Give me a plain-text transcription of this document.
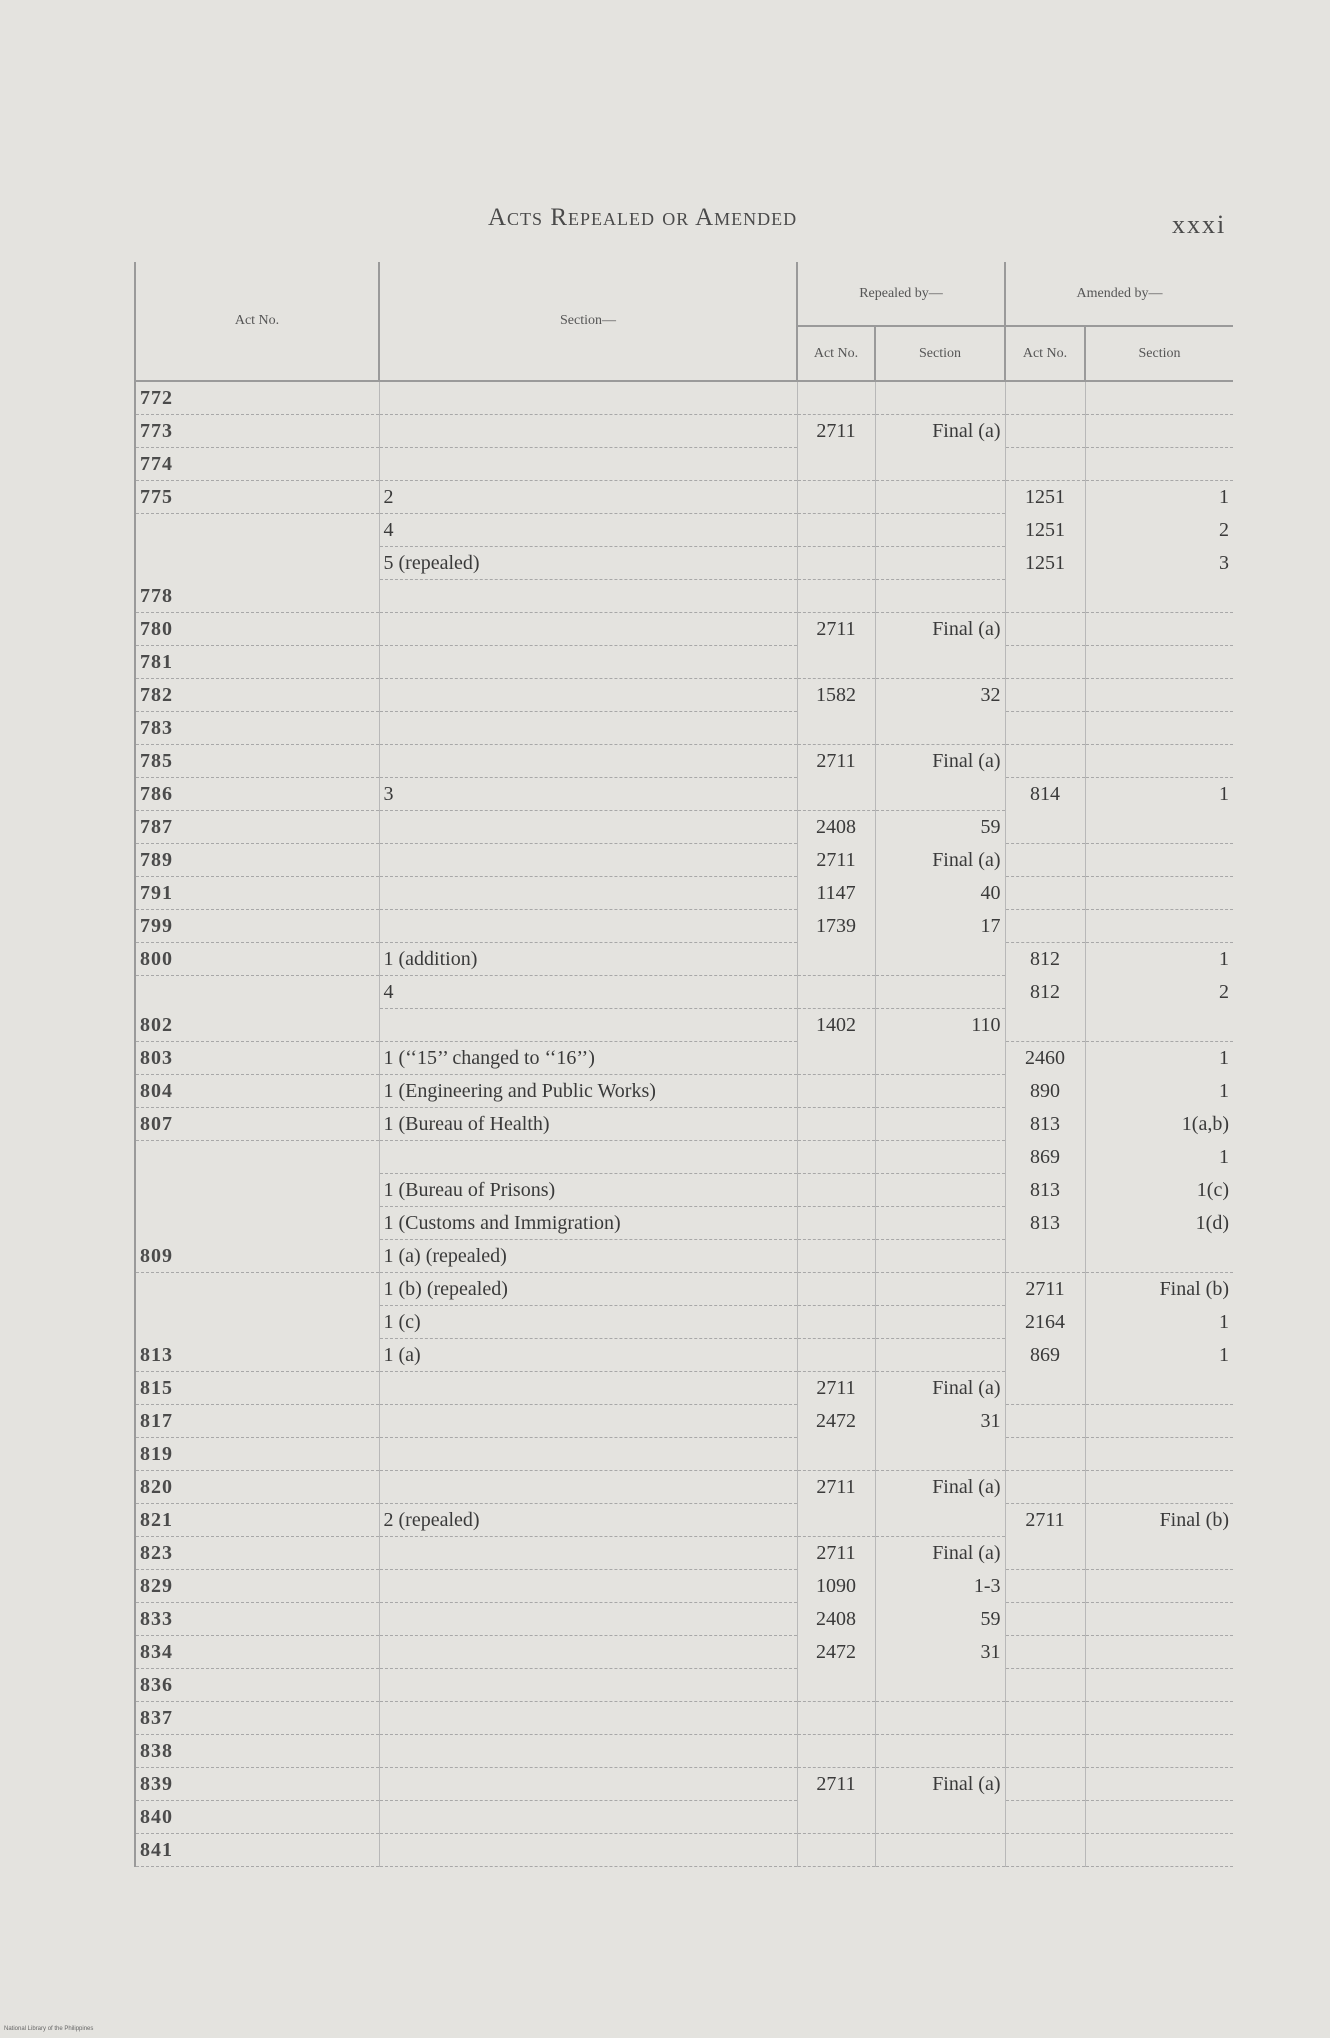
Acts Repealed or Amended	xxxi
Act No.	Section—	Repealed by—		Amended by—	
		Act No.	Section	Act No.	Section
772					
773		2711	Final (a)		
774					
775	2			1251	1
	4			1251	2
	5 (repealed)			1251	3
778					
780		2711	Final (a)		
781					
782		1582	32		
783					
785		2711	Final (a)		
786	3			814	1
787		2408	59		
789		2711	Final (a)		
791		1147	40		
799		1739	17		
800	1 (addition)			812	1
	4			812	2
802		1402	110		
803	1 (‘‘15’’ changed to ‘‘16’’)			2460	1
804	1 (Engineering and Public Works)			890	1
807	1 (Bureau of Health)			813	1(a,b)
				869	1
	1 (Bureau of Prisons)			813	1(c)
	1 (Customs and Immigration)			813	1(d)
809	1 (a) (repealed)				
	1 (b) (repealed)			2711	Final (b)
	1 (c)			2164	1
813	1 (a)			869	1
815		2711	Final (a)		
817		2472	31		
819					
820		2711	Final (a)		
821	2 (repealed)			2711	Final (b)
823		2711	Final (a)		
829		1090	1-3		
833		2408	59		
834		2472	31		
836					
837					
838					
839		2711	Final (a)		
840					
841					
National Library of the Philippines
